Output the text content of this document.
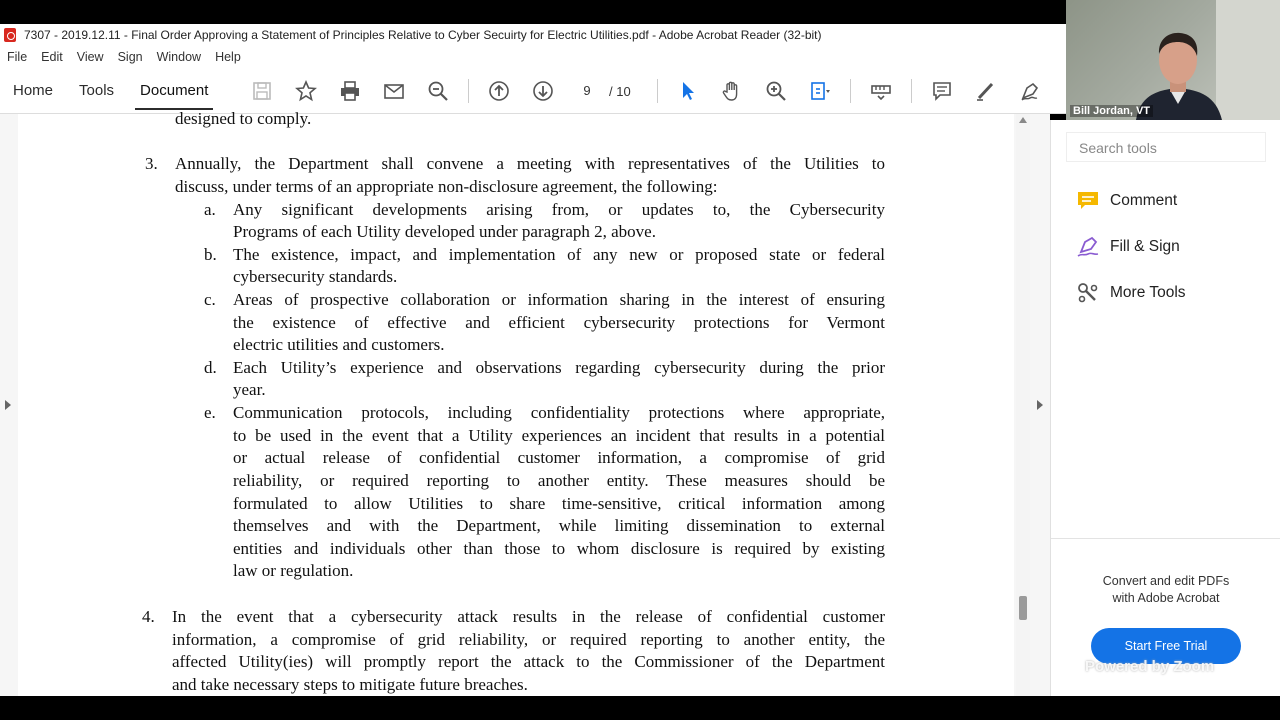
7307 - 2019.12.11 - Final Order Approving a Statement of Principles Relative to Cyber Secuirty for Electric Utilities.pdf - Adobe Acrobat Reader (32-bit)
File	Edit	View	Sign	Window	Help
Home	Tools	Document	9	/ 10
designed to comply.
3. Annually, the Department shall convene a meeting with representatives of the Utilities to
discuss, under terms of an appropriate non-disclosure agreement, the following:
a. Any significant developments arising from, or updates to, the Cybersecurity
Programs of each Utility developed under paragraph 2, above.
b. The existence, impact, and implementation of any new or proposed state or federal
cybersecurity standards.
c. Areas of prospective collaboration or information sharing in the interest of ensuring
the existence of effective and efficient cybersecurity protections for Vermont
electric utilities and customers.
d. Each Utility’s experience and observations regarding cybersecurity during the prior
year.
e. Communication protocols, including confidentiality protections where appropriate,
to be used in the event that a Utility experiences an incident that results in a potential
or actual release of confidential customer information, a compromise of grid
reliability, or required reporting to another entity. These measures should be
formulated to allow Utilities to share time-sensitive, critical information among
themselves and with the Department, while limiting dissemination to external
entities and individuals other than those to whom disclosure is required by existing
law or regulation.
4. In the event that a cybersecurity attack results in the release of confidential customer
information, a compromise of grid reliability, or required reporting to another entity, the
affected Utility(ies) will promptly report the attack to the Commissioner of the Department
and take necessary steps to mitigate future breaches.
Search tools
Comment
Fill & Sign
More Tools
Convert and edit PDFs
with Adobe Acrobat
Start Free Trial
Powered by Zoom
Bill Jordan, VT
